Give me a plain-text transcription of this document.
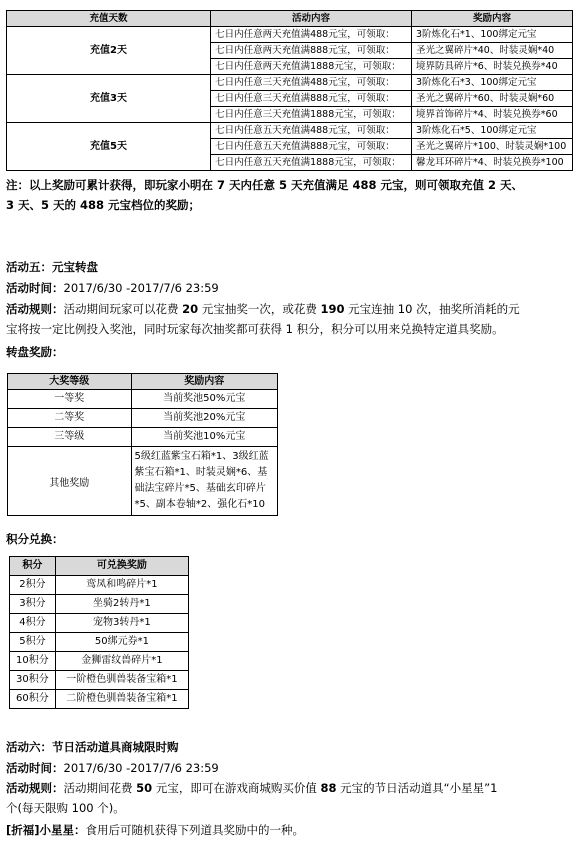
充值天数	活动内容	奖励内容
充值2天	七日内任意两天充值满488元宝，可领取：	3阶炼化石*1、100绑定元宝
	七日内任意两天充值满888元宝，可领取：	圣光之翼碎片*40、时装灵娴*40
	七日内任意两天充值满1888元宝，可领取：	境界防具碎片*6、时装兑换券*40
充值3天	七日内任意三天充值满488元宝，可领取：	3阶炼化石*3、100绑定元宝
	七日内任意三天充值满888元宝，可领取：	圣光之翼碎片*60、时装灵娴*60
	七日内任意三天充值满1888元宝，可领取：	境界首饰碎片*4、时装兑换券*60
充值5天	七日内任意五天充值满488元宝，可领取：	3阶炼化石*5、100绑定元宝
	七日内任意五天充值满888元宝，可领取：	圣光之翼碎片*100、时装灵娴*100
	七日内任意五天充值满1888元宝，可领取：	馨龙耳环碎片*4、时装兑换券*100
注：以上奖励可累计获得，即玩家小明在 7 天内任意 5 天充值满足 488 元宝，则可领取充值 2 天、
3 天、5 天的 488 元宝档位的奖励；
活动五：元宝转盘
活动时间：2017/6/30 -2017/7/6 23:59
活动规则：活动期间玩家可以花费 20 元宝抽奖一次，或花费 190 元宝连抽 10 次，抽奖所消耗的元
宝将按一定比例投入奖池，同时玩家每次抽奖都可获得 1 积分，积分可以用来兑换特定道具奖励。
转盘奖励：
大奖等级	奖励内容
一等奖	当前奖池50%元宝
二等奖	当前奖池20%元宝
三等级	当前奖池10%元宝
其他奖励	5级红蓝紫宝石箱*1、3级红蓝
紫宝石箱*1、时装灵娴*6、基
础法宝碎片*5、基础玄印碎片
*5、副本卷轴*2、强化石*10
积分兑换：
积分	可兑换奖励
2积分	鸾凤和鸣碎片*1
3积分	坐骑2转丹*1
4积分	宠物3转丹*1
5积分	50绑元券*1
10积分	金狮雷纹兽碎片*1
30积分	一阶橙色驯兽装备宝箱*1
60积分	二阶橙色驯兽装备宝箱*1
活动六：节日活动道具商城限时购
活动时间：2017/6/30 -2017/7/6 23:59
活动规则：活动期间花费 50 元宝，即可在游戏商城购买价值 88 元宝的节日活动道具“小星星”1
个(每天限购 100 个)。
[折福]小星星：食用后可随机获得下列道具奖励中的一种。
